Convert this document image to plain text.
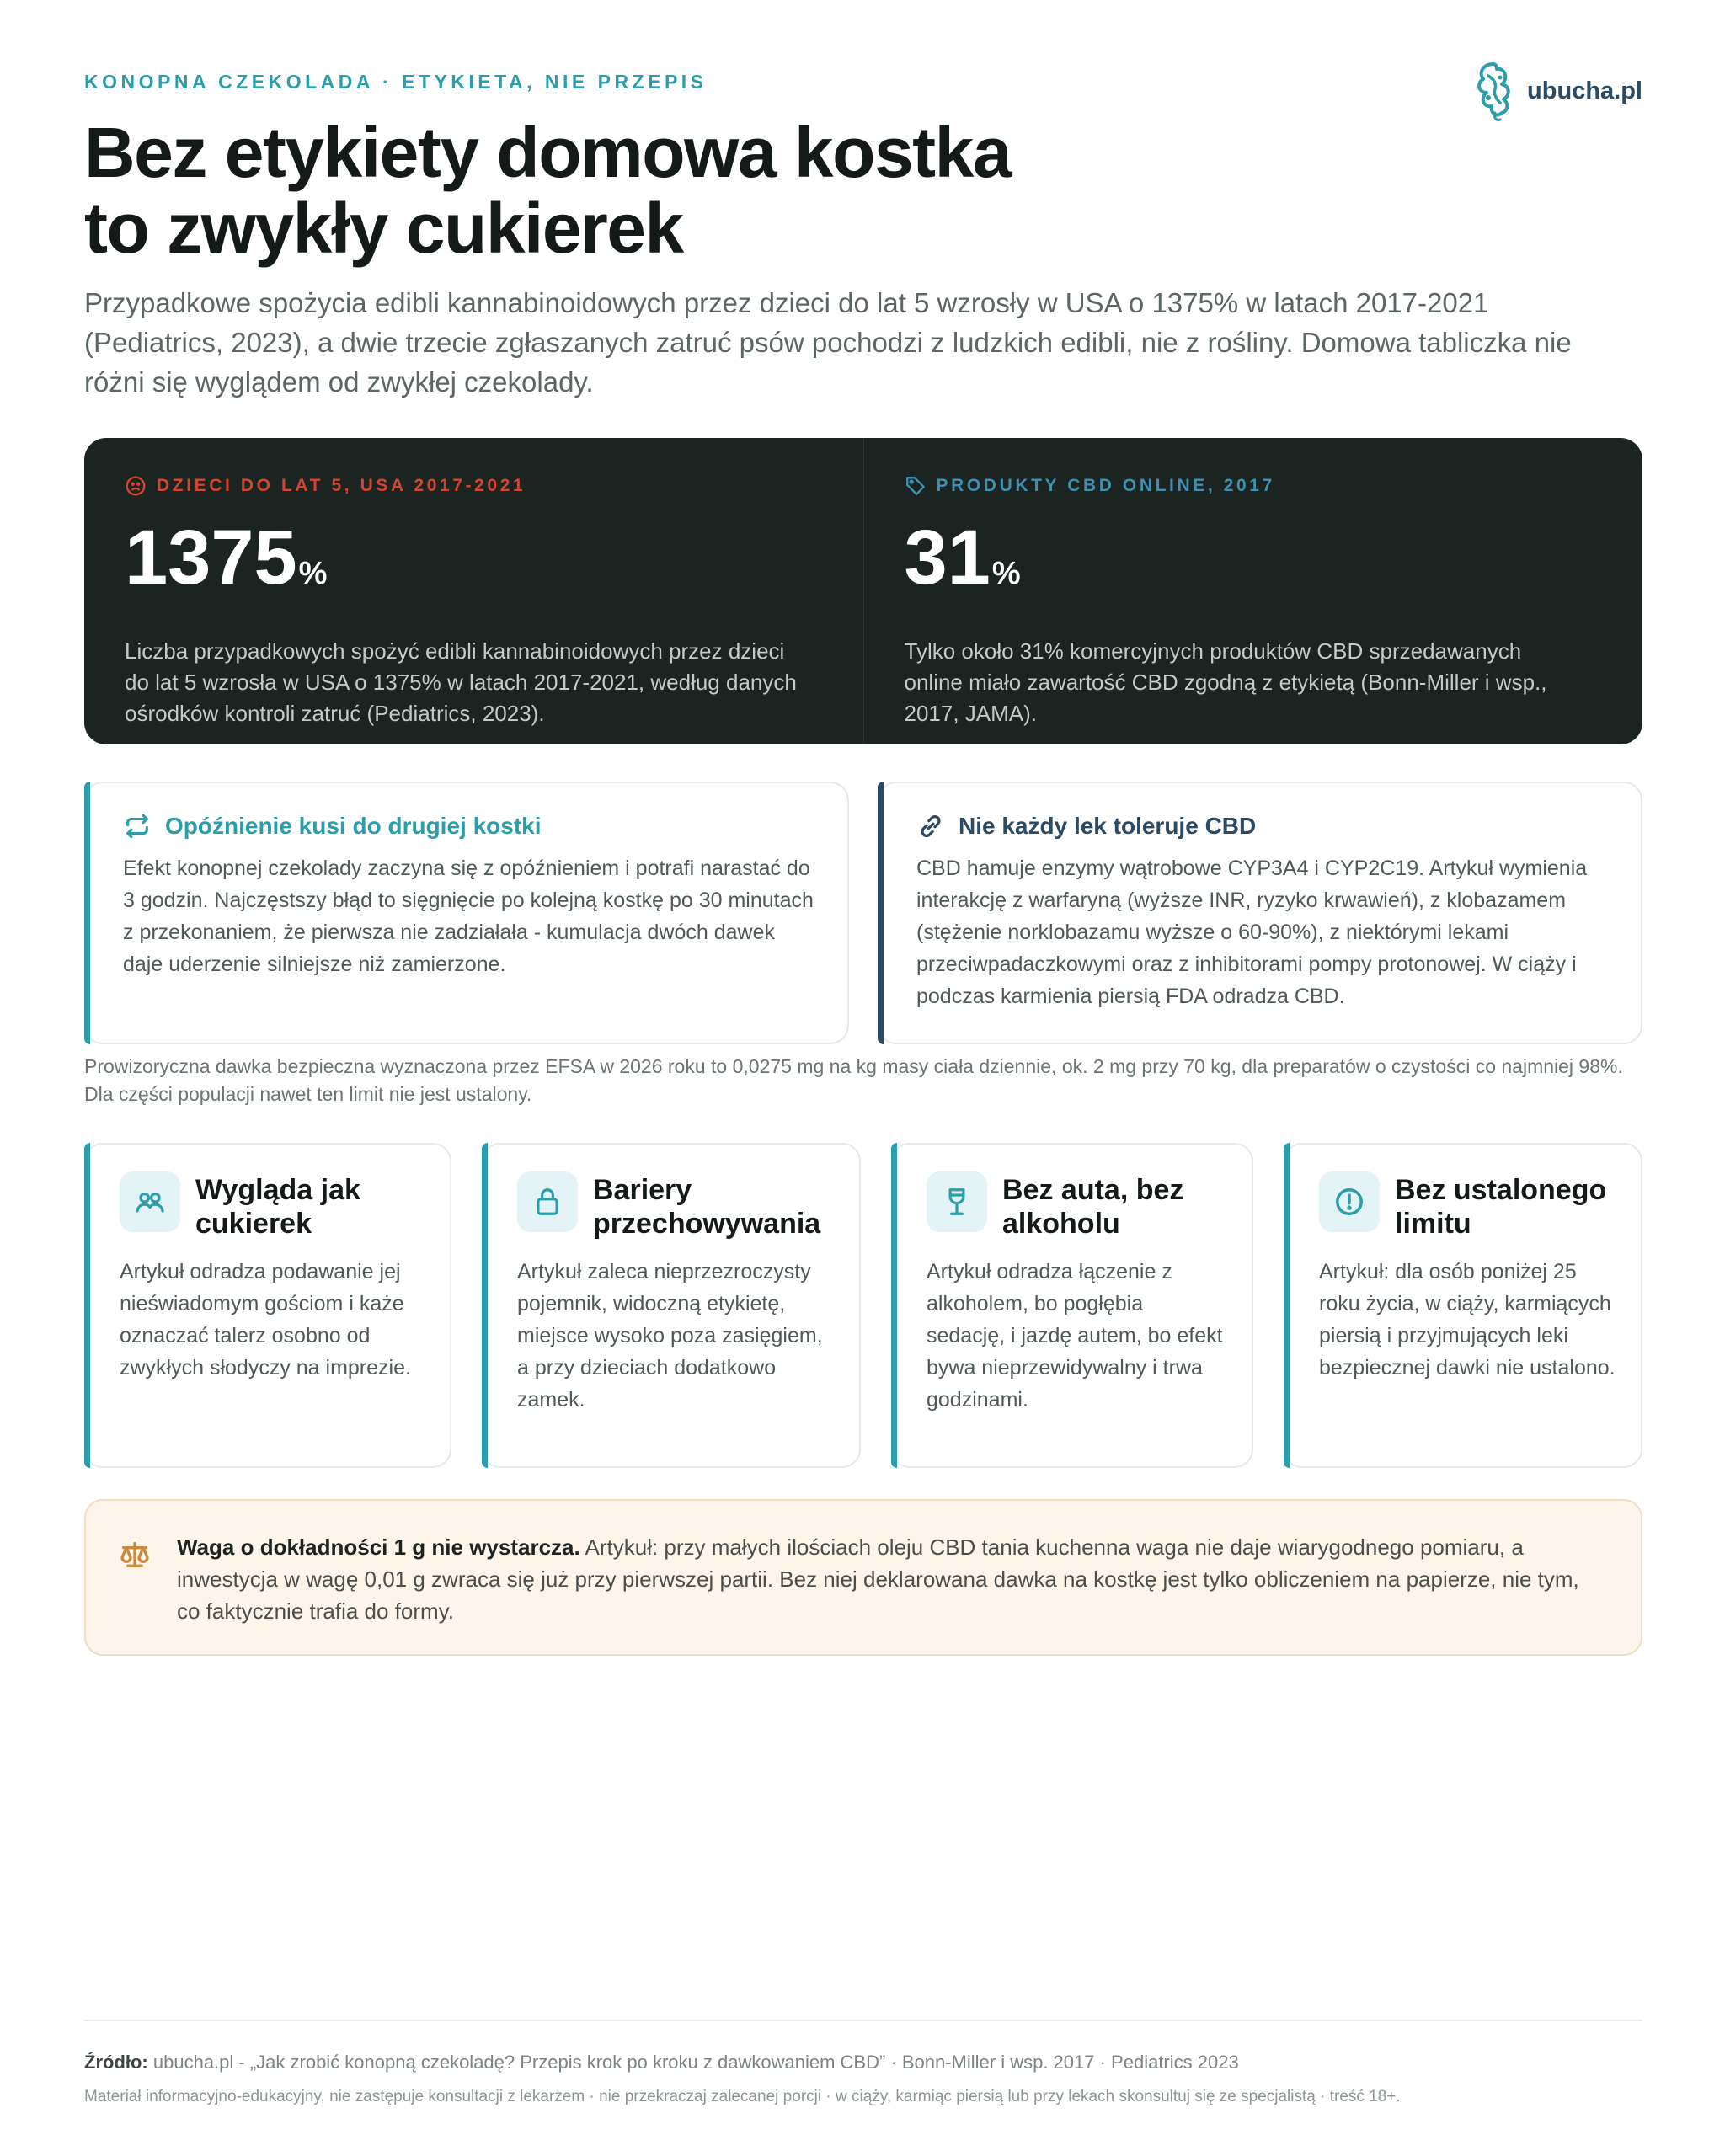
KONOPNA CZEKOLADA · ETYKIETA, NIE PRZEPIS	ubucha.pl
Bez etykiety domowa kostka
to zwykły cukierek

Przypadkowe spożycia edibli kannabinoidowych przez dzieci do lat 5 wzrosły w USA o 1375% w latach 2017-2021 (Pediatrics, 2023), a dwie trzecie zgłaszanych zatruć psów pochodzi z ludzkich edibli, nie z rośliny. Domowa tabliczka nie różni się wyglądem od zwykłej czekolady.

DZIECI DO LAT 5, USA 2017-2021
1375 %

Liczba przypadkowych spożyć edibli kannabinoidowych przez dzieci do lat 5 wzrosła w USA o 1375% w latach 2017-2021, według danych ośrodków kontroli zatruć (Pediatrics, 2023).

PRODUKTY CBD ONLINE, 2017
31 %

Tylko około 31% komercyjnych produktów CBD sprzedawanych online miało zawartość CBD zgodną z etykietą (Bonn-Miller i wsp., 2017, JAMA).

Opóźnienie kusi do drugiej kostki

Efekt konopnej czekolady zaczyna się z opóźnieniem i potrafi narastać do 3 godzin. Najczęstszy błąd to sięgnięcie po kolejną kostkę po 30 minutach z przekonaniem, że pierwsza nie zadziałała - kumulacja dwóch dawek daje uderzenie silniejsze niż zamierzone.

Nie każdy lek toleruje CBD

CBD hamuje enzymy wątrobowe CYP3A4 i CYP2C19. Artykuł wymienia interakcję z warfaryną (wyższe INR, ryzyko krwawień), z klobazamem (stężenie norklobazamu wyższe o 60-90%), z niektórymi lekami przeciwpadaczkowymi oraz z inhibitorami pompy protonowej. W ciąży i podczas karmienia piersią FDA odradza CBD.

Prowizoryczna dawka bezpieczna wyznaczona przez EFSA w 2026 roku to 0,0275 mg na kg masy ciała dziennie, ok. 2 mg przy 70 kg, dla preparatów o czystości co najmniej 98%. Dla części populacji nawet ten limit nie jest ustalony.

Wygląda jak cukierek

Artykuł odradza podawanie jej nieświadomym gościom i każe oznaczać talerz osobno od zwykłych słodyczy na imprezie.

Bariery przechowywania

Artykuł zaleca nieprzezroczysty pojemnik, widoczną etykietę, miejsce wysoko poza zasięgiem, a przy dzieciach dodatkowo zamek.

Bez auta, bez alkoholu

Artykuł odradza łączenie z alkoholem, bo pogłębia sedację, i jazdę autem, bo efekt bywa nieprzewidywalny i trwa godzinami.

Bez ustalonego limitu

Artykuł: dla osób poniżej 25 roku życia, w ciąży, karmiących piersią i przyjmujących leki bezpiecznej dawki nie ustalono.

Waga o dokładności 1 g nie wystarcza. Artykuł: przy małych ilościach oleju CBD tania kuchenna waga nie daje wiarygodnego pomiaru, a inwestycja w wagę 0,01 g zwraca się już przy pierwszej partii. Bez niej deklarowana dawka na kostkę jest tylko obliczeniem na papierze, nie tym, co faktycznie trafia do formy.

Źródło: ubucha.pl - „Jak zrobić konopną czekoladę? Przepis krok po kroku z dawkowaniem CBD” · Bonn-Miller i wsp. 2017 · Pediatrics 2023

Materiał informacyjno-edukacyjny, nie zastępuje konsultacji z lekarzem · nie przekraczaj zalecanej porcji · w ciąży, karmiąc piersią lub przy lekach skonsultuj się ze specjalistą · treść 18+.
